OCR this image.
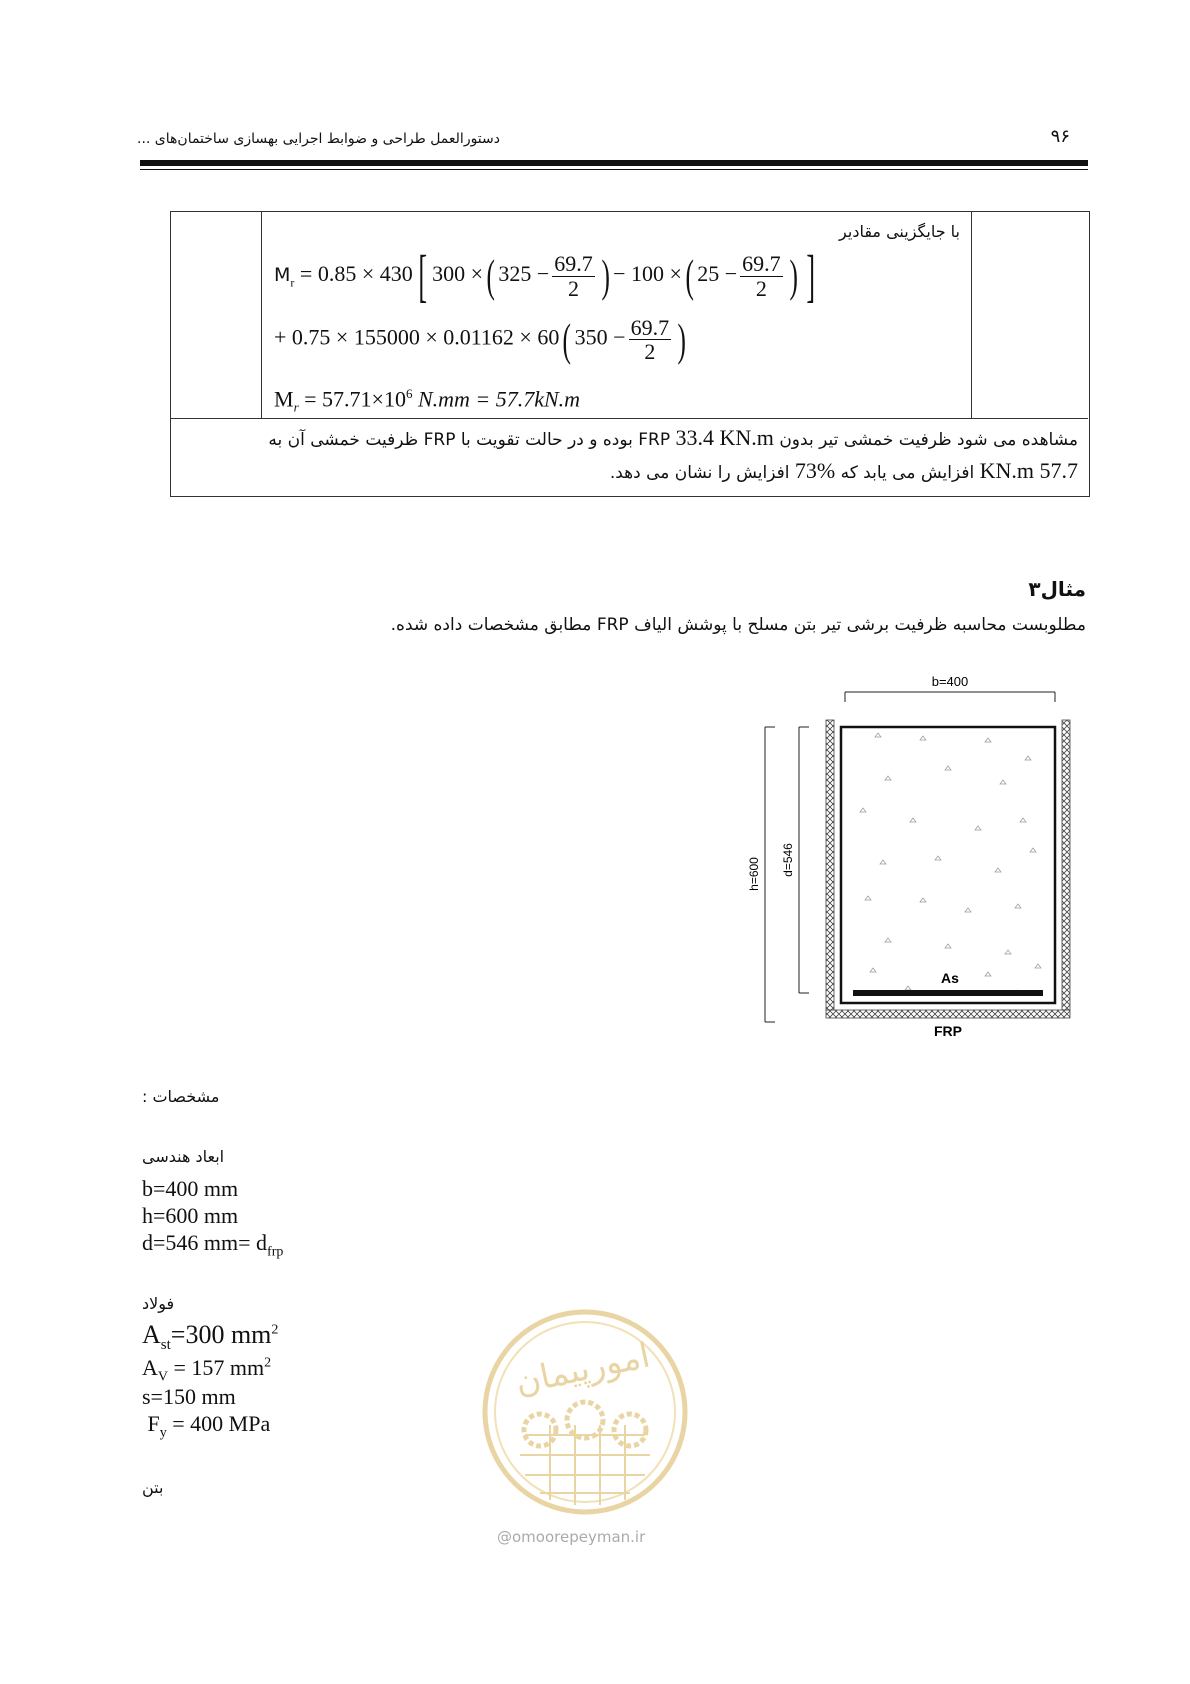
دستورالعمل طراحی و ضوابط اجرایی بهسازی ساختمان‌های ...	۹۶
با جایگزینی مقادیر
$M_r = 0.85 \times 430$[ 300 ×( $325 - \frac{69.7}{2}$ ) − 100 ×( $25 - \frac{69.7}{2}$ ) ]
+ 0.75 × 155000 × 0.01162 × 60( $350 - \frac{69.7}{2}$ )
$M_r = 57.71\times 10^6$ N.mm = 57.7kN.m
مشاهده می شود ظرفیت خمشی تیر بدون FRP 33.4 KN.m بوده و در حالت تقویت با FRP ظرفیت خمشی آن به
57.7 KN.m افزایش می یابد که %73 افزایش را نشان می دهد.
مثال۳
مطلوبست محاسبه ظرفیت برشی تیر بتن مسلح با پوشش الیاف FRP مطابق مشخصات داده شده.
b=400
As
h=600 d=546
FRP
: مشخصات
ابعاد هندسی
b=400 mm
h=600 mm
d=546 $mm= d_{frp}$
فولاد
$A_{st}=300$ $mm^2$
$A_V = 157$ $mm^2$
s=150 mm
$F_y = 400$ MPa
بتن
امورپیمان
@omoorepeyman.ir
